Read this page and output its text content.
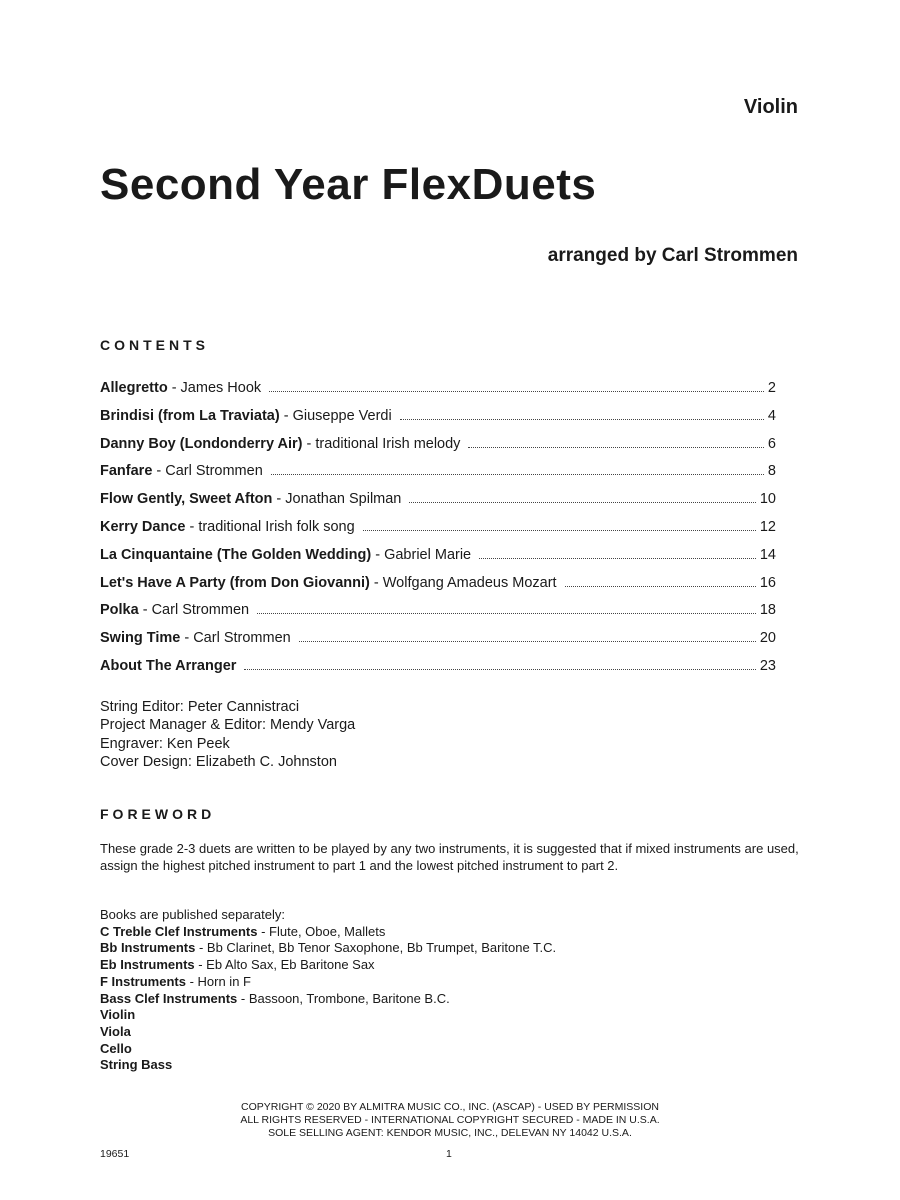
Violin
Second Year FlexDuets
arranged by Carl Strommen
CONTENTS
Allegretto - James Hook	2
Brindisi (from La Traviata) - Giuseppe Verdi	4
Danny Boy (Londonderry Air) - traditional Irish melody	6
Fanfare - Carl Strommen	8
Flow Gently, Sweet Afton - Jonathan Spilman	10
Kerry Dance - traditional Irish folk song	12
La Cinquantaine (The Golden Wedding) - Gabriel Marie	14
Let's Have A Party (from Don Giovanni) - Wolfgang Amadeus Mozart	16
Polka - Carl Strommen	18
Swing Time - Carl Strommen	20
About The Arranger	23
String Editor: Peter Cannistraci
Project Manager & Editor: Mendy Varga
Engraver: Ken Peek
Cover Design: Elizabeth C. Johnston
FOREWORD
These grade 2-3 duets are written to be played by any two instruments, it is suggested that if mixed instruments are used, assign the highest pitched instrument to part 1 and the lowest pitched instrument to part 2.
Books are published separately:
C Treble Clef Instruments - Flute, Oboe, Mallets
Bb Instruments - Bb Clarinet, Bb Tenor Saxophone, Bb Trumpet, Baritone T.C.
Eb Instruments - Eb Alto Sax, Eb Baritone Sax
F Instruments - Horn in F
Bass Clef Instruments - Bassoon, Trombone, Baritone B.C.
Violin
Viola
Cello
String Bass
COPYRIGHT © 2020 BY ALMITRA MUSIC CO., INC. (ASCAP) - USED BY PERMISSION
ALL RIGHTS RESERVED - INTERNATIONAL COPYRIGHT SECURED - MADE IN U.S.A.
SOLE SELLING AGENT: KENDOR MUSIC, INC., DELEVAN NY 14042 U.S.A.
19651	1
